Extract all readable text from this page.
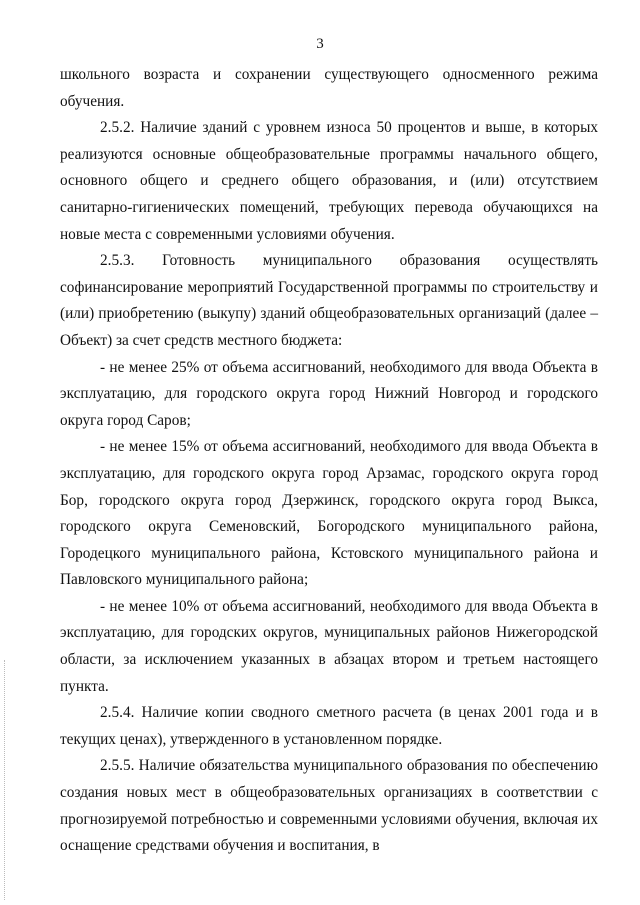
3

школьного возраста и сохранении существующего односменного режима обучения.

2.5.2. Наличие зданий с уровнем износа 50 процентов и выше, в которых реализуются основные общеобразовательные программы начального общего, основного общего и среднего общего образования, и (или) отсутствием санитарно-гигиенических помещений, требующих перевода обучающихся на новые места с современными условиями обучения.

2.5.3. Готовность муниципального образования осуществлять софинансирование мероприятий Государственной программы по строительству и (или) приобретению (выкупу) зданий общеобразовательных организаций (далее – Объект) за счет средств местного бюджета:

- не менее 25% от объема ассигнований, необходимого для ввода Объекта в эксплуатацию, для городского округа город Нижний Новгород и городского округа город Саров;

- не менее 15% от объема ассигнований, необходимого для ввода Объекта в эксплуатацию, для городского округа город Арзамас, городского округа город Бор, городского округа город Дзержинск, городского округа город Выкса, городского округа Семеновский, Богородского муниципального района, Городецкого муниципального района, Кстовского муниципального района и Павловского муниципального района;

- не менее 10% от объема ассигнований, необходимого для ввода Объекта в эксплуатацию, для городских округов, муниципальных районов Нижегородской области, за исключением указанных в абзацах втором и третьем настоящего пункта.

2.5.4. Наличие копии сводного сметного расчета (в ценах 2001 года и в текущих ценах), утвержденного в установленном порядке.

2.5.5. Наличие обязательства муниципального образования по обеспечению создания новых мест в общеобразовательных организациях в соответствии с прогнозируемой потребностью и современными условиями обучения, включая их оснащение средствами обучения и воспитания, в
